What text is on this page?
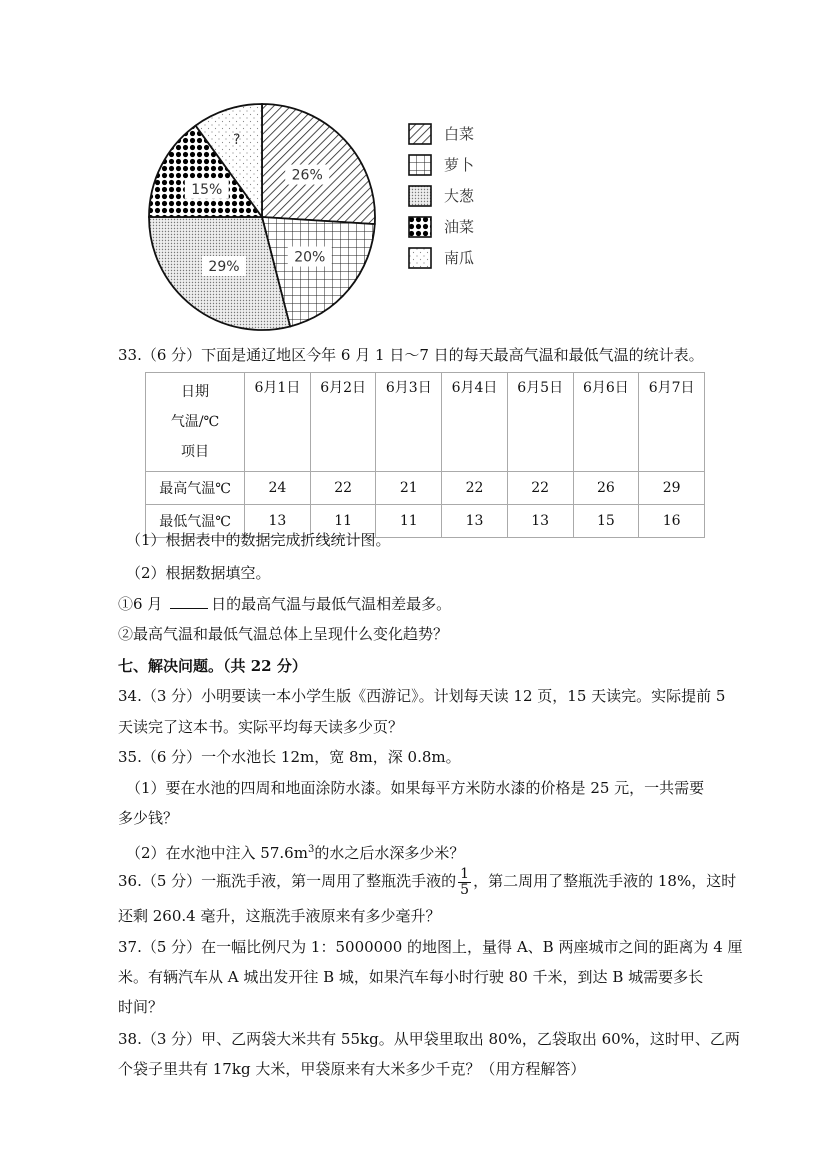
26%
20%
29%
15%
?	白菜
萝卜
大葱
油菜
南瓜
33.（6 分）下面是通辽地区今年 6 月 1 日～7 日的每天最高气温和最低气温的统计表。
日期
气温/℃
项目	6月1日	6月2日	6月3日	6月4日	6月5日	6月6日	6月7日
最高气温℃	24	22	21	22	22	26	29
最低气温℃	13	11	11	13	13	15	16
（1）根据表中的数据完成折线统计图。
（2）根据数据填空。
①6 月	日的最高气温与最低气温相差最多。
②最高气温和最低气温总体上呈现什么变化趋势？
七、解决问题。（共 22 分）
34.（3 分）小明要读一本小学生版《西游记》。计划每天读 12 页，15 天读完。实际提前 5
天读完了这本书。实际平均每天读多少页？
35.（6 分）一个水池长 12m，宽 8m，深 0.8m。
（1）要在水池的四周和地面涂防水漆。如果每平方米防水漆的价格是 25 元，一共需要
多少钱？
（2）在水池中注入 $57.6m^3$的水之后水深多少米？
36.（5 分）一瓶洗手液，第一周用了整瓶洗手液的 $\frac{1}{5}$ ，第二周用了整瓶洗手液的 18%，这时
还剩 260.4 毫升，这瓶洗手液原来有多少毫升？
37.（5 分）在一幅比例尺为 1：5000000 的地图上，量得 A、B 两座城市之间的距离为 4 厘
米。有辆汽车从 A 城出发开往 B 城，如果汽车每小时行驶 80 千米，到达 B 城需要多长
时间？
38.（3 分）甲、乙两袋大米共有 55kg。从甲袋里取出 80%，乙袋取出 60%，这时甲、乙两
个袋子里共有 17kg 大米，甲袋原来有大米多少千克？（用方程解答）
